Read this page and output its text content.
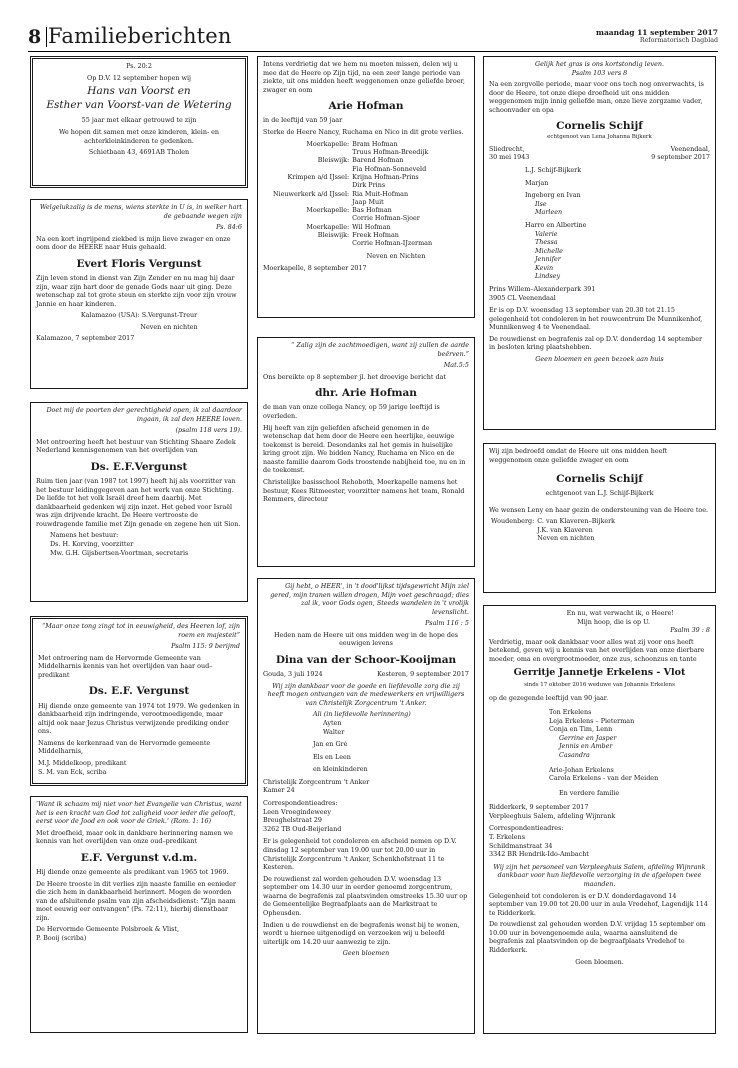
8 Familieberichten	maandag 11 september 2017
Reformatorisch Dagblad

Ps. 20:2

Op D.V. 12 september hopen wij

Hans van Voorst en
Esther van Voorst-van de Wetering

55 jaar met elkaar getrouwd te zijn

We hopen dit samen met onze kinderen, klein- en achterkleinkinderen te gedenken.

Schietbaan 43, 4691AB Tholen

Welgelukzalig is de mens, wiens sterkte in U is, in welker hart de gebaande wegen zijn

Ps. 84:6

Na een kort ingrijpend ziekbed is mijn lieve zwager en onze oom door de HEERE naar Huis gehaald.

Evert Floris Vergunst

Zijn leven stond in dienst van Zijn Zender en nu mag hij daar zijn, waar zijn hart door de genade Gods naar uit ging. Deze wetenschap zal tot grote steun en sterkte zijn voor zijn vrouw Jannie en haar kinderen.

Kalamazoo (USA): S.Vergunst-Treur

Neven en nichten

Kalamazoo, 7 september 2017

Doet mij de poorten der gerechtigheid open, ik zal daardoor ingaan, ik zal den HEERE loven.

(psalm 118 vers 19).

Met ontroering heeft het bestuur van Stichting Shaare Zedek Nederland kennisgenomen van het overlijden van

Ds. E.F.Vergunst

Ruim tien jaar (van 1987 tot 1997) heeft hij als voorzitter van het bestuur leidinggegeven aan het werk van onze Stichting. De liefde tot het volk Israël dreef hem daarbij. Met dankbaarheid gedenken wij zijn inzet. Het gebed voor Israël was zijn drijvende kracht. De Heere vertrooste de rouwdragende familie met Zijn genade en zegene hen uit Sion.

Namens het bestuur:
Ds. H. Korving, voorzitter
Mw. G.H. Gijsbertsen-Voortman, secretaris

“Maar onze tong zingt tot in eeuwigheid, des Heeren lof, zijn roem en majesteit”

Psalm 115: 9 berijmd

Met ontroering nam de Hervormde Gemeente van Middelharnis kennis van het overlijden van haar oud–predikant

Ds. E.F. Vergunst

Hij diende onze gemeente van 1974 tot 1979. We gedenken in dankbaarheid zijn indringende, verootmoedigende, maar altijd ook naar Jezus Christus verwijzende prediking onder ons.

Namens de kerkenraad van de Hervormde gemeente Middelharnis,

M.J. Middelkoop, predikant
S. M. van Eck, scriba

‘Want ik schaam mij niet voor het Evangelie van Christus, want het is een kracht van God tot zaligheid voor ieder die gelooft, eerst voor de Jood en ook voor de Griek.’ (Rom. 1: 16)

Met droefheid, maar ook in dankbare herinnering namen we kennis van het overlijden van onze oud–predikant

E.F. Vergunst v.d.m.

Hij diende onze gemeente als predikant van 1965 tot 1969.

De Heere trooste in dit verlies zijn naaste familie en eenieder die zich hem in dankbaarheid herinnert. Mogen de woorden van de afsluitende psalm van zijn afscheidsdienst: "Zijn naam moet eeuwig eer ontvangen" (Ps. 72:11), hierbij dienstbaar zijn.

De Hervormde Gemeente Polsbroek & Vlist,
P. Booij (scriba)

Intens verdrietig dat we hem nu moeten missen, delen wij u mee dat de Heere op Zijn tijd, na een zeer lange periode van ziekte, uit ons midden heeft weggenomen onze geliefde broer, zwager en oom

Arie Hofman

in de leeftijd van 59 jaar

Sterke de Heere Nancy, Ruchama en Nico in dit grote verlies.

Moerkapelle:	Bram Hofman
	Truus Hofman-Breedijk
Bleiswijk:	Barend Hofman
	Fia Hofman-Sonneveld
Krimpen a/d IJssel:	Krijna Hofman-Prins
	Dirk Prins
Nieuwerkerk a/d IJssel:	Ria Muit-Hofman
	Jaap Muit
Moerkapelle:	Bas Hofman
	Corrie Hofman-Sjoer
Moerkapelle:	Wil Hofman
Bleiswijk:	Freek Hofman
	Corrie Hofman-IJzerman

Neven en Nichten

Moerkapelle, 8 september 2017

“ Zalig zijn de zachtmoedigen, want zij zullen de aarde beërven.”

Mat.5:5

Ons bereikte op 8 september jl. het droevige bericht dat

dhr. Arie Hofman

de man van onze collega Nancy, op 59 jarige leeftijd is overleden.

Hij heeft van zijn geliefden afscheid genomen in de wetenschap dat hem door de Heere een heerlijke, eeuwige toekomst is bereid. Desondanks zal het gemis in huiselijke kring groot zijn. We bidden Nancy, Ruchama en Nico en de naaste familie daarom Gods troostende nabijheid toe, nu en in de toekomst.

Christelijke basisschool Rehoboth, Moerkapelle namens het bestuur, Kees Ritmeester, voorzitter namens het team, Ronald Remmers, directeur

Gij hebt, o HEER', in 't dood'lijkst tijdsgewricht Mijn ziel gered, mijn tranen willen drogen, Mijn voet geschraagd; dies zal ik, voor Gods ogen, Steeds wandelen in 't vrolijk levenslicht.

Psalm 116 : 5

Heden nam de Heere uit ons midden weg in de hope des eeuwigen levens

Dina van der Schoor-Kooijman
Gouda, 3 juli 1924	Kesteren, 9 september 2017

Wij zijn dankbaar voor de goede en liefdevolle zorg die zij heeft mogen ontvangen van de medewerkers en vrijwilligers van Christelijk Zorgcentrum 't Anker.

Ali (in liefdevolle herinnering)
Ayten
Walter
Jan en Gré
Els en Leen
en kleinkinderen
Christelijk Zorgcentrum 't Anker
Kamer 24
Correspondentieadres:
Leen Vroegindeweey
Breughelstraat 29
3262 TB Oud-Beijerland

Er is gelegenheid tot condoleren en afscheid nemen op D.V. dinsdag 12 september van 19.00 uur tot 20.00 uur in Christelijk Zorgcentrum 't Anker, Schenkhofstraat 11 te Kesteren.

De rouwdienst zal worden gehouden D.V. woensdag 13 september om 14.30 uur in eerder genoemd zorgcentrum, waarna de begrafenis zal plaatsvinden omstreeks 15.30 uur op de Gemeentelijke Begraafplaats aan de Markstraat te Opheusden.

Indien u de rouwdienst en de begrafenis wenst bij te wonen, wordt u hiernee uitgenodigd en verzoeken wij u beleefd uiterlijk om 14.20 uur aanwezig te zijn.

Geen bloemen

Gelijk het gras is ons kortstondig leven.

Psalm 103 vers 8

Na een zorgvolle periode, maar voor ons toch nog onverwachts, is door de Heere, tot onze diepe droefheid uit ons midden weggenomen mijn innig geliefde man, onze lieve zorgzame vader, schoonvader en opa

Cornelis Schijf
echtgenoot van Lena Johanna Bijkerk
Sliedrecht,	Veenendaal,
30 mei 1943	9 september 2017
L.J. Schijf-Bijkerk
Marjan
Ingeborg en Ivan
Ilse
Marleen
Harro en Albertine
Valerie
Thessa
Michelle
Jennifer
Kevin
Lindsey
Prins Willem–Alexanderpark 391
3905 CL Veenendaal

Er is op D.V. woensdag 13 september van 20.30 tot 21.15 gelegenheid tot condoleren in het rouwcentrum De Munnikenhof, Munnikenweg 4 te Veenendaal.

De rouwdienst en begrafenis zal op D.V. donderdag 14 september in besloten kring plaatshebben.

Geen bloemen en geen bezoek aan huis

Wij zijn bedroefd omdat de Heere uit ons midden heeft weggenomen onze geliefde zwager en oom

Cornelis Schijf

echtgenoot van L.J. Schijf-Bijkerk

We wensen Leny en haar gezin de ondersteuning van de Heere toe.

Woudenberg:	C. van Klaveren–Bijkerk
	J.K. van Klaveren
	Neven en nichten
En nu, wat verwacht ik, o Heere!
Mijn hoop, die is op U.

Psalm 39 : 8

Verdrietig, maar ook dankbaar voor alles wat zij voor ons heeft betekend, geven wij u kennis van het overlijden van onze dierbare moeder, oma en overgrootmoeder, onze zus, schoonzus en tante

Gerritje Jannetje Erkelens - Vlot
sinds 17 oktober 2016 weduwe van Johannis Erkelens

op de gezegende leeftijd van 90 jaar.

Ton Erkelens
Leja Erkelens – Pieterman
Conja en Tim, Lenn
Gerrine en Jasper
Jennis en Amber
Casandra
Arie-Johan Erkelens
Carola Erkelens - van der Meiden
En verdere familie
Ridderkerk, 9 september 2017
Verpleeghuis Salem, afdeling Wijnrank
Correspondentieadres:
T. Erkelens
Schildmanstraat 34
3342 BR Hendrik-Ido-Ambacht

Wij zijn het personeel van Verpleeghuis Salem, afdeling Wijnrank dankbaar voor hun liefdevolle verzorging in de afgelopen twee maanden.

Gelegenheid tot condoleren is er D.V. donderdagavond 14 september van 19.00 tot 20.00 uur in aula Vredehof, Lagendijk 114 te Ridderkerk.

De rouwdienst zal gehouden worden D.V. vrijdag 15 september om 10.00 uur in bovengenoemde aula, waarna aansluitend de begrafenis zal plaatsvinden op de begraafplaats Vredehof te Ridderkerk.

Geen bloemen.
